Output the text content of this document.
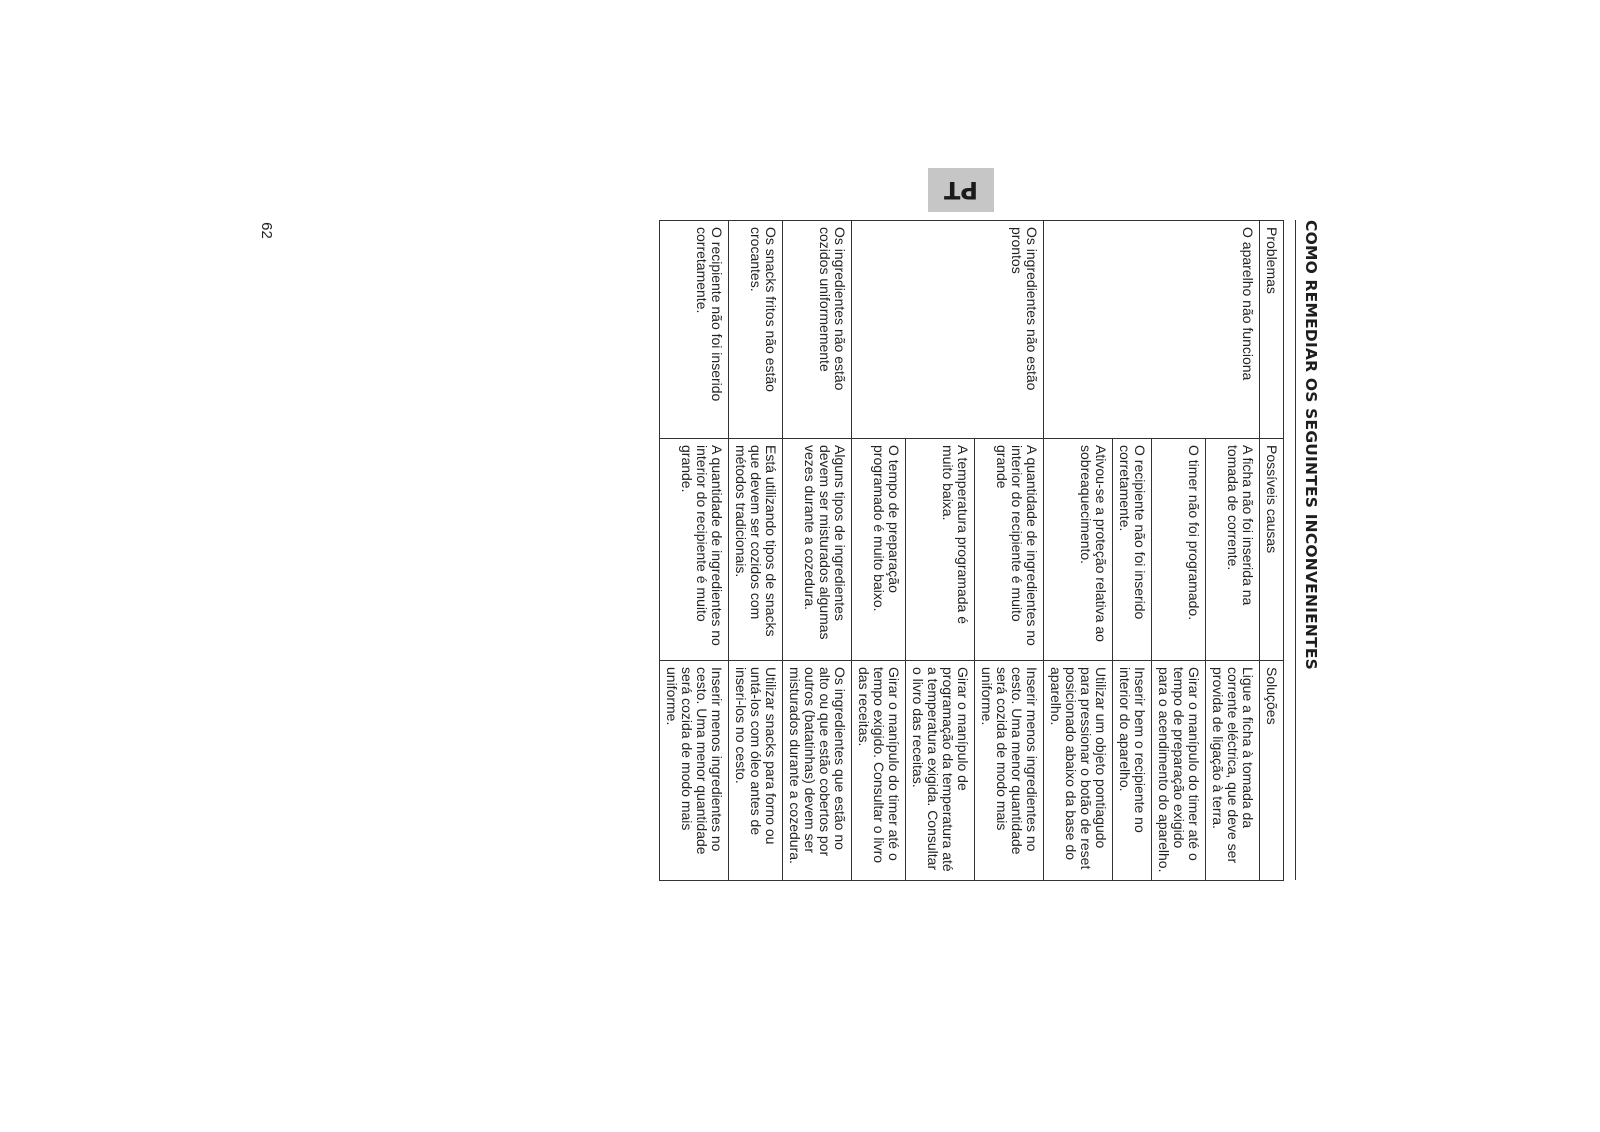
PT
62	COMO REMEDIAR OS SEGUINTES INCONVENIENTES
Problemas	Possíveis causas	Soluções
O aparelho não funciona	A ficha não foi inserida na tomada de corrente.	Ligue a ficha à tomada da corrente eléctrica, que deve ser provida de ligação à terra.
	O timer não foi programado.	Girar o manípulo do timer até o tempo de preparação exigido para o acendimento do aparelho.
	O recipiente não foi inserido corretamente.	Inserir bem o recipiente no interior do aparelho.
	Ativou-se a proteção relativa ao sobreaquecimento.	Utilizar um objeto pontiagudo para pressionar o botão de reset posicionado abaixo da base do aparelho.
Os ingredientes não estão prontos	A quantidade de ingredientes no interior do recipiente é muito grande	Inserir menos ingredientes no cesto. Uma menor quantidade será cozida de modo mais uniforme.
	A temperatura programada é muito baixa.	Girar o manípulo de programação da temperatura até a temperatura exigida. Consultar o livro das receitas.
	O tempo de preparação programado é muito baixo.	Girar o manípulo do timer até o tempo exigido. Consultar o livro das receitas.
Os ingredientes não estão cozidos uniformemente	Alguns tipos de ingredientes devem ser misturados algumas vezes durante a cozedura.	Os ingredientes que estão no alto ou que estão cobertos por outros (batatinhas) devem ser misturados durante a cozedura.
Os snacks fritos não estão crocantes.	Está utilizando tipos de snacks que devem ser cozidos com métodos tradicionais.	Utilizar snacks para forno ou untá-los com óleo antes de inseri-los no cesto.
O recipiente não foi inserido corretamente.	A quantidade de ingredientes no interior do recipiente é muito grande.	Inserir menos ingredientes no cesto. Uma menor quantidade será cozida de modo mais uniforme.
